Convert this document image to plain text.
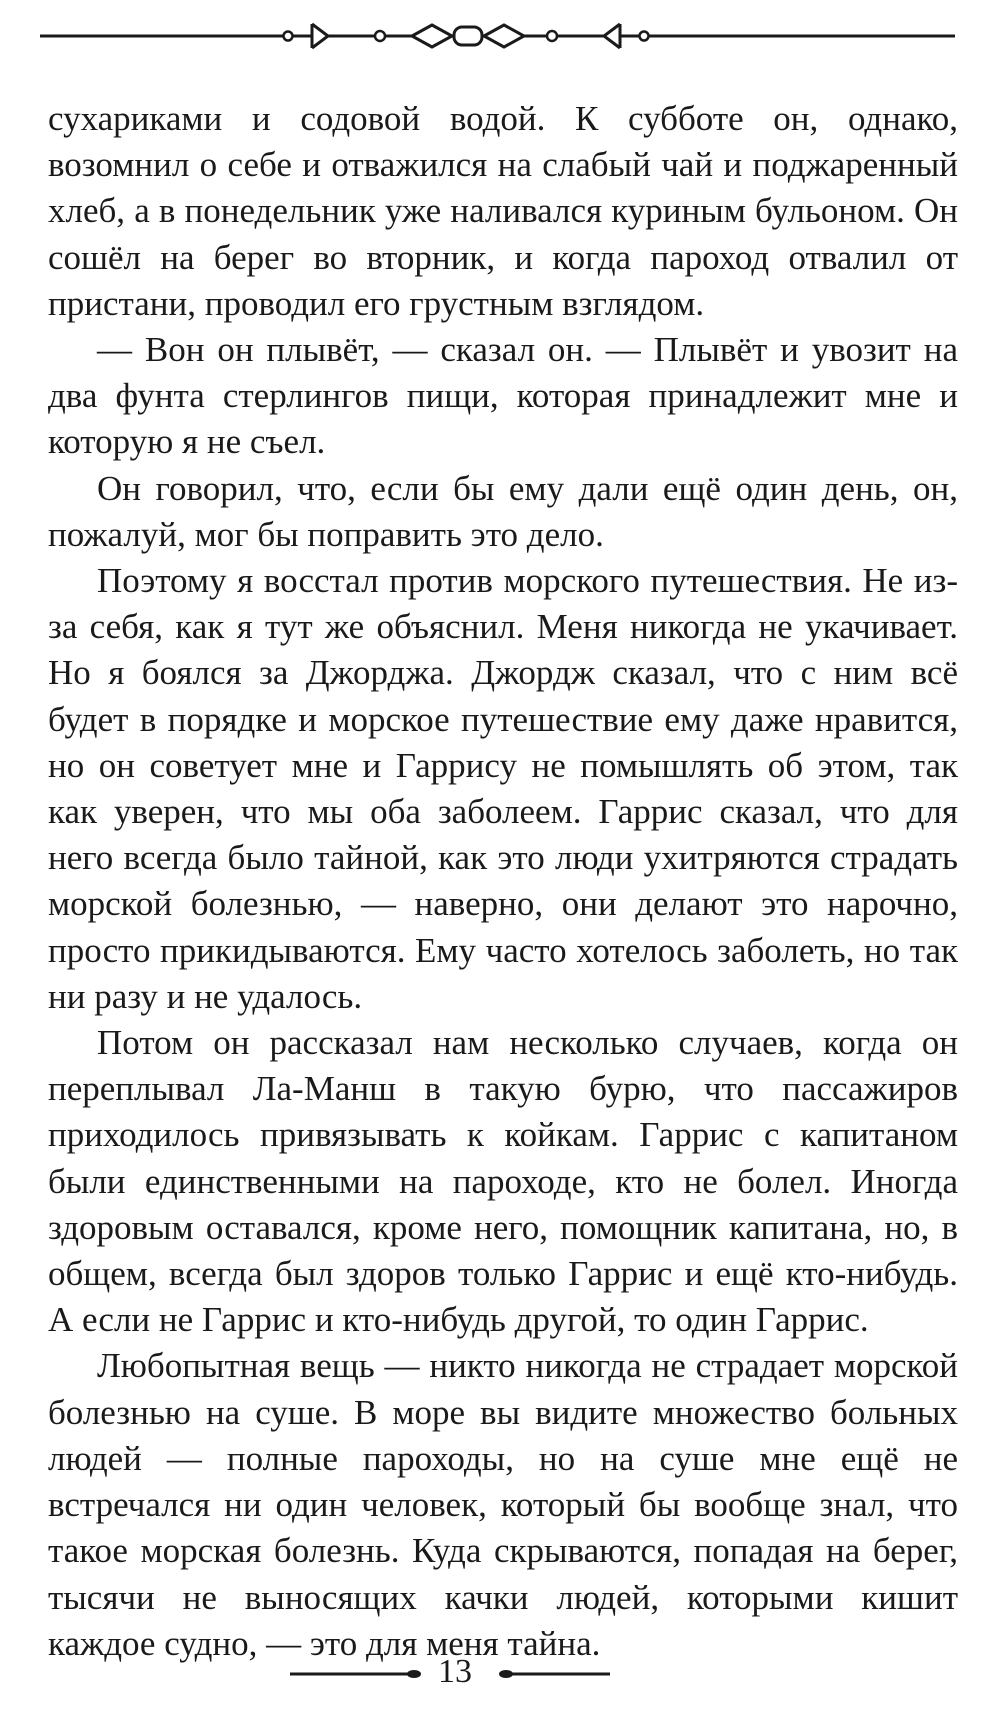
сухариками и содовой водой. К субботе он, однако, возомнил о себе и отважился на слабый чай и поджаренный хлеб, а в понедельник уже наливался куриным бульоном. Он сошёл на берег во вторник, и когда пароход отвалил от пристани, проводил его грустным взглядом.

— Вон он плывёт, — сказал он. — Плывёт и увозит на два фунта стерлингов пищи, которая принадлежит мне и которую я не съел.

Он говорил, что, если бы ему дали ещё один день, он, пожалуй, мог бы поправить это дело.

Поэтому я восстал против морского путешествия. Не из-за себя, как я тут же объяснил. Меня никогда не укачивает. Но я боялся за Джорджа. Джордж сказал, что с ним всё будет в порядке и морское путешествие ему даже нравится, но он советует мне и Гаррису не помышлять об этом, так как уверен, что мы оба заболеем. Гаррис сказал, что для него всегда было тайной, как это люди ухитряются страдать морской болезнью, — наверно, они делают это нарочно, просто прикидываются. Ему часто хотелось заболеть, но так ни разу и не удалось.

Потом он рассказал нам несколько случаев, когда он переплывал Ла-Манш в такую бурю, что пассажиров приходилось привязывать к койкам. Гаррис с капитаном были единственными на пароходе, кто не болел. Иногда здоровым оставался, кроме него, помощник капитана, но, в общем, всегда был здоров только Гаррис и ещё кто-нибудь. А если не Гаррис и кто-нибудь другой, то один Гаррис.

Любопытная вещь — никто никогда не страдает морской болезнью на суше. В море вы видите множество больных людей — полные пароходы, но на суше мне ещё не встречался ни один человек, который бы вообще знал, что такое морская болезнь. Куда скрываются, попадая на берег, тысячи не выносящих качки людей, которыми кишит каждое судно, — это для меня тайна.

13
